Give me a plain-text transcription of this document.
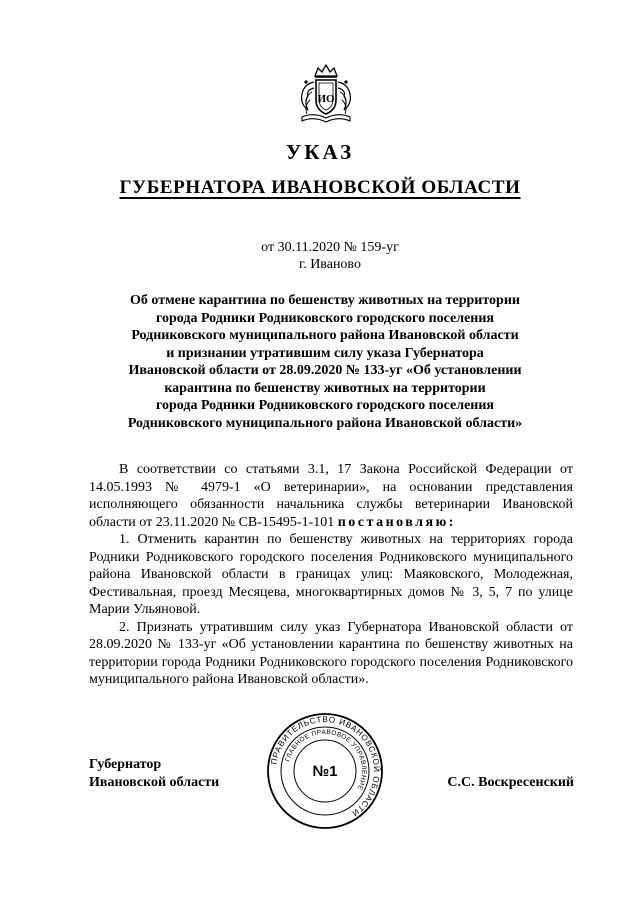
ИО
УКАЗ
ГУБЕРНАТОРА ИВАНОВСКОЙ ОБЛАСТИ
от 30.11.2020 № 159-уг
г. Иваново
Об отмене карантина по бешенству животных на территории
города Родники Родниковского городского поселения
Родниковского муниципального района Ивановской области
и признании утратившим силу указа Губернатора
Ивановской области от 28.09.2020 № 133-уг «Об установлении
карантина по бешенству животных на территории
города Родники Родниковского городского поселения
Родниковского муниципального района Ивановской области»

В соответствии со статьями 3.1, 17 Закона Российской Федерации от 14.05.1993 № 4979-1 «О ветеринарии», на основании представления исполняющего обязанности начальника службы ветеринарии Ивановской области от 23.11.2020 № СВ-15495-1-101 постановляю:

1. Отменить карантин по бешенству животных на территориях города Родники Родниковского городского поселения Родниковского муниципального района Ивановской области в границах улиц: Маяковского, Молодежная, Фестивальная, проезд Месяцева, многоквартирных домов № 3, 5, 7 по улице Марии Ульяновой.

2. Признать утратившим силу указ Губернатора Ивановской области от 28.09.2020 № 133-уг «Об установлении карантина по бешенству животных на территории города Родники Родниковского городского поселения Родниковского муниципального района Ивановской области».

Губернатор
Ивановской области
ПРАВИТЕЛЬСТВО ИВАНОВСКОЙ ОБЛАСТИ
ГЛАВНОЕ ПРАВОВОЕ УПРАВЛЕНИЕ
№1
С.С. Воскресенский
